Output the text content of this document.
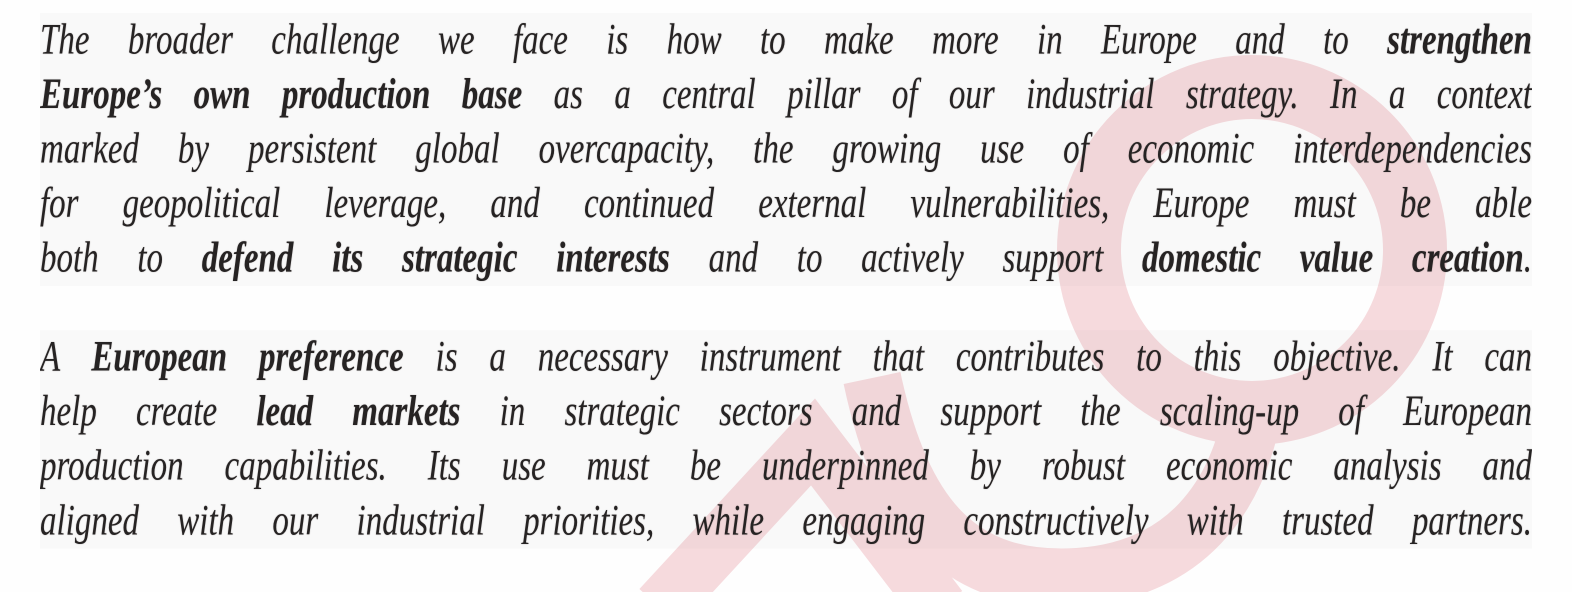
The broader challenge we face is how to make more in Europe and to strengthen
Europe’s own production base as a central pillar of our industrial strategy. In a context
marked by persistent global overcapacity, the growing use of economic interdependencies
for geopolitical leverage, and continued external vulnerabilities, Europe must be able
both to defend its strategic interests and to actively support domestic value creation.
A European preference is a necessary instrument that contributes to this objective. It can
help create lead markets in strategic sectors and support the scaling-up of European
production capabilities. Its use must be underpinned by robust economic analysis and
aligned with our industrial priorities, while engaging constructively with trusted partners.
